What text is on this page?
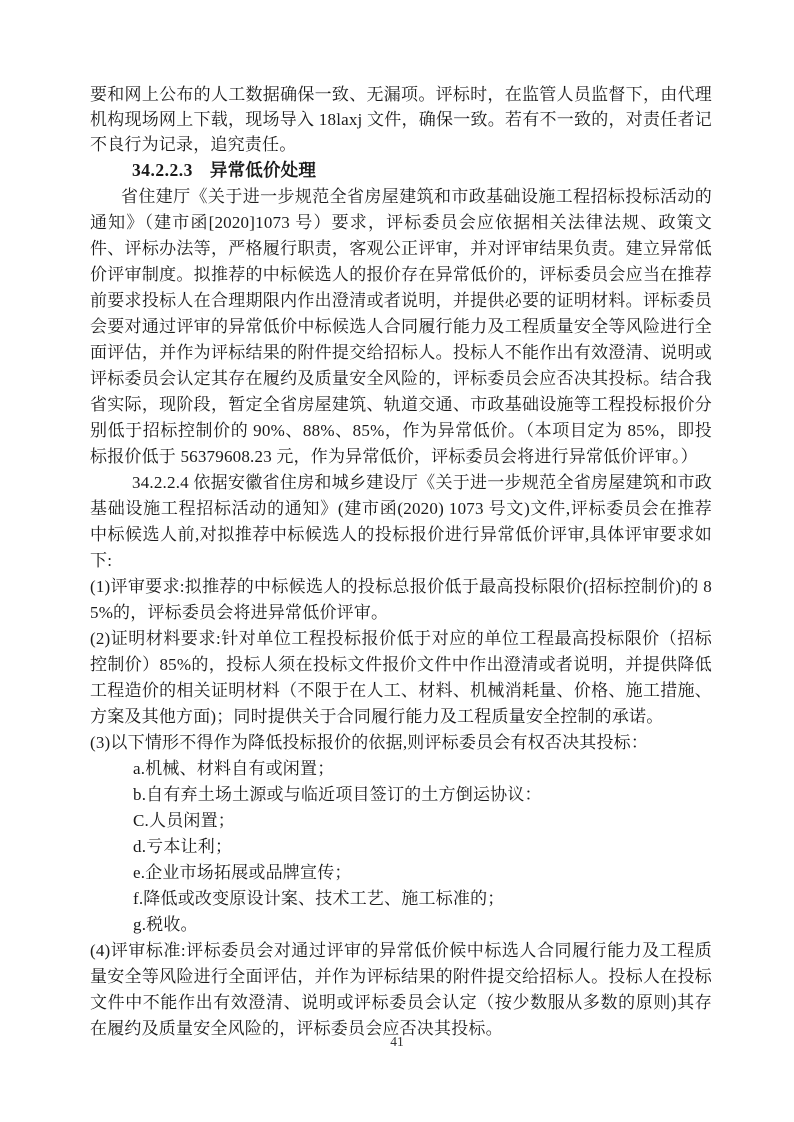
要和网上公布的人工数据确保一致、无漏项。评标时，在监管人员监督下，由代理机构现场网上下载，现场导入 18laxj 文件，确保一致。若有不一致的，对责任者记不良行为记录，追究责任。
34.2.2.3 异常低价处理
省住建厅《关于进一步规范全省房屋建筑和市政基础设施工程招标投标活动的通知》（建市函[2020]1073 号）要求，评标委员会应依据相关法律法规、政策文件、评标办法等，严格履行职责，客观公正评审，并对评审结果负责。建立异常低价评审制度。拟推荐的中标候选人的报价存在异常低价的，评标委员会应当在推荐前要求投标人在合理期限内作出澄清或者说明，并提供必要的证明材料。评标委员会要对通过评审的异常低价中标候选人合同履行能力及工程质量安全等风险进行全面评估，并作为评标结果的附件提交给招标人。投标人不能作出有效澄清、说明或评标委员会认定其存在履约及质量安全风险的，评标委员会应否决其投标。结合我省实际，现阶段，暂定全省房屋建筑、轨道交通、市政基础设施等工程投标报价分别低于招标控制价的 90%、88%、85%，作为异常低价。（本项目定为 85%，即投标报价低于 56379608.23 元，作为异常低价，评标委员会将进行异常低价评审。）
34.2.2.4 依据安徽省住房和城乡建设厅《关于进一步规范全省房屋建筑和市政基础设施工程招标活动的通知》(建市函(2020) 1073 号文)文件,评标委员会在推荐中标候选人前,对拟推荐中标候选人的投标报价进行异常低价评审,具体评审要求如下:
(1)评审要求:拟推荐的中标候选人的投标总报价低于最高投标限价(招标控制价)的 85%的，评标委员会将进异常低价评审。
(2)证明材料要求:针对单位工程投标报价低于对应的单位工程最高投标限价（招标控制价）85%的，投标人须在投标文件报价文件中作出澄清或者说明，并提供降低工程造价的相关证明材料（不限于在人工、材料、机械消耗量、价格、施工措施、方案及其他方面)；同时提供关于合同履行能力及工程质量安全控制的承诺。
(3)以下情形不得作为降低投标报价的依据,则评标委员会有权否决其投标：
a.机械、材料自有或闲置；
b.自有弃土场土源或与临近项目签订的土方倒运协议：
C.人员闲置；
d.亏本让利；
e.企业市场拓展或品牌宣传；
f.降低或改变原设计案、技术工艺、施工标准的；
g.税收。
(4)评审标准:评标委员会对通过评审的异常低价候中标选人合同履行能力及工程质量安全等风险进行全面评估，并作为评标结果的附件提交给招标人。投标人在投标文件中不能作出有效澄清、说明或评标委员会认定（按少数服从多数的原则)其存在履约及质量安全风险的，评标委员会应否决其投标。
41
